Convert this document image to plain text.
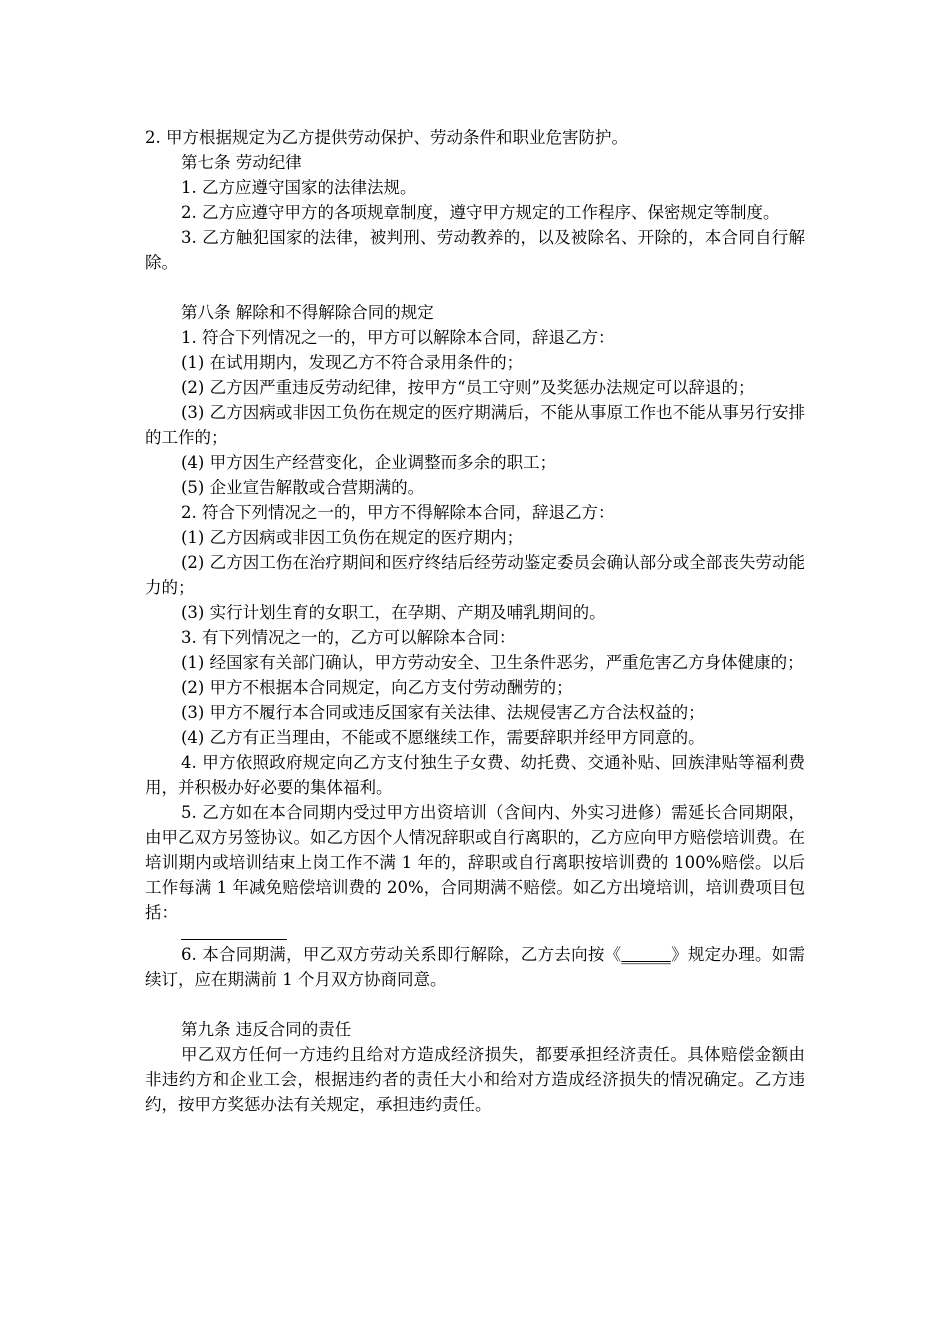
2. 甲方根据规定为乙方提供劳动保护、劳动条件和职业危害防护。

第七条 劳动纪律

1. 乙方应遵守国家的法律法规。

2. 乙方应遵守甲方的各项规章制度，遵守甲方规定的工作程序、保密规定等制度。

3. 乙方触犯国家的法律，被判刑、劳动教养的，以及被除名、开除的，本合同自行解除。

第八条 解除和不得解除合同的规定

1. 符合下列情况之一的，甲方可以解除本合同，辞退乙方：

(1) 在试用期内，发现乙方不符合录用条件的；

(2) 乙方因严重违反劳动纪律，按甲方“员工守则”及奖惩办法规定可以辞退的；

(3) 乙方因病或非因工负伤在规定的医疗期满后，不能从事原工作也不能从事另行安排的工作的；

(4) 甲方因生产经营变化，企业调整而多余的职工；

(5) 企业宣告解散或合营期满的。

2. 符合下列情况之一的，甲方不得解除本合同，辞退乙方：

(1) 乙方因病或非因工负伤在规定的医疗期内；

(2) 乙方因工伤在治疗期间和医疗终结后经劳动鉴定委员会确认部分或全部丧失劳动能力的；

(3) 实行计划生育的女职工，在孕期、产期及哺乳期间的。

3. 有下列情况之一的，乙方可以解除本合同：

(1) 经国家有关部门确认，甲方劳动安全、卫生条件恶劣，严重危害乙方身体健康的；

(2) 甲方不根据本合同规定，向乙方支付劳动酬劳的；

(3) 甲方不履行本合同或违反国家有关法律、法规侵害乙方合法权益的；

(4) 乙方有正当理由，不能或不愿继续工作，需要辞职并经甲方同意的。

4. 甲方依照政府规定向乙方支付独生子女费、幼托费、交通补贴、回族津贴等福利费用，并积极办好必要的集体福利。

5. 乙方如在本合同期内受过甲方出资培训（含间内、外实习进修）需延长合同期限，由甲乙双方另签协议。如乙方因个人情况辞职或自行离职的，乙方应向甲方赔偿培训费。在培训期内或培训结束上岗工作不满 1 年的，辞职或自行离职按培训费的 100%赔偿。以后工作每满 1 年减免赔偿培训费的 20%，合同期满不赔偿。如乙方出境培训，培训费项目包括：

6. 本合同期满，甲乙双方劳动关系即行解除，乙方去向按《______》规定办理。如需续订，应在期满前 1 个月双方协商同意。

第九条 违反合同的责任

甲乙双方任何一方违约且给对方造成经济损失，都要承担经济责任。具体赔偿金额由非违约方和企业工会，根据违约者的责任大小和给对方造成经济损失的情况确定。乙方违约，按甲方奖惩办法有关规定，承担违约责任。
